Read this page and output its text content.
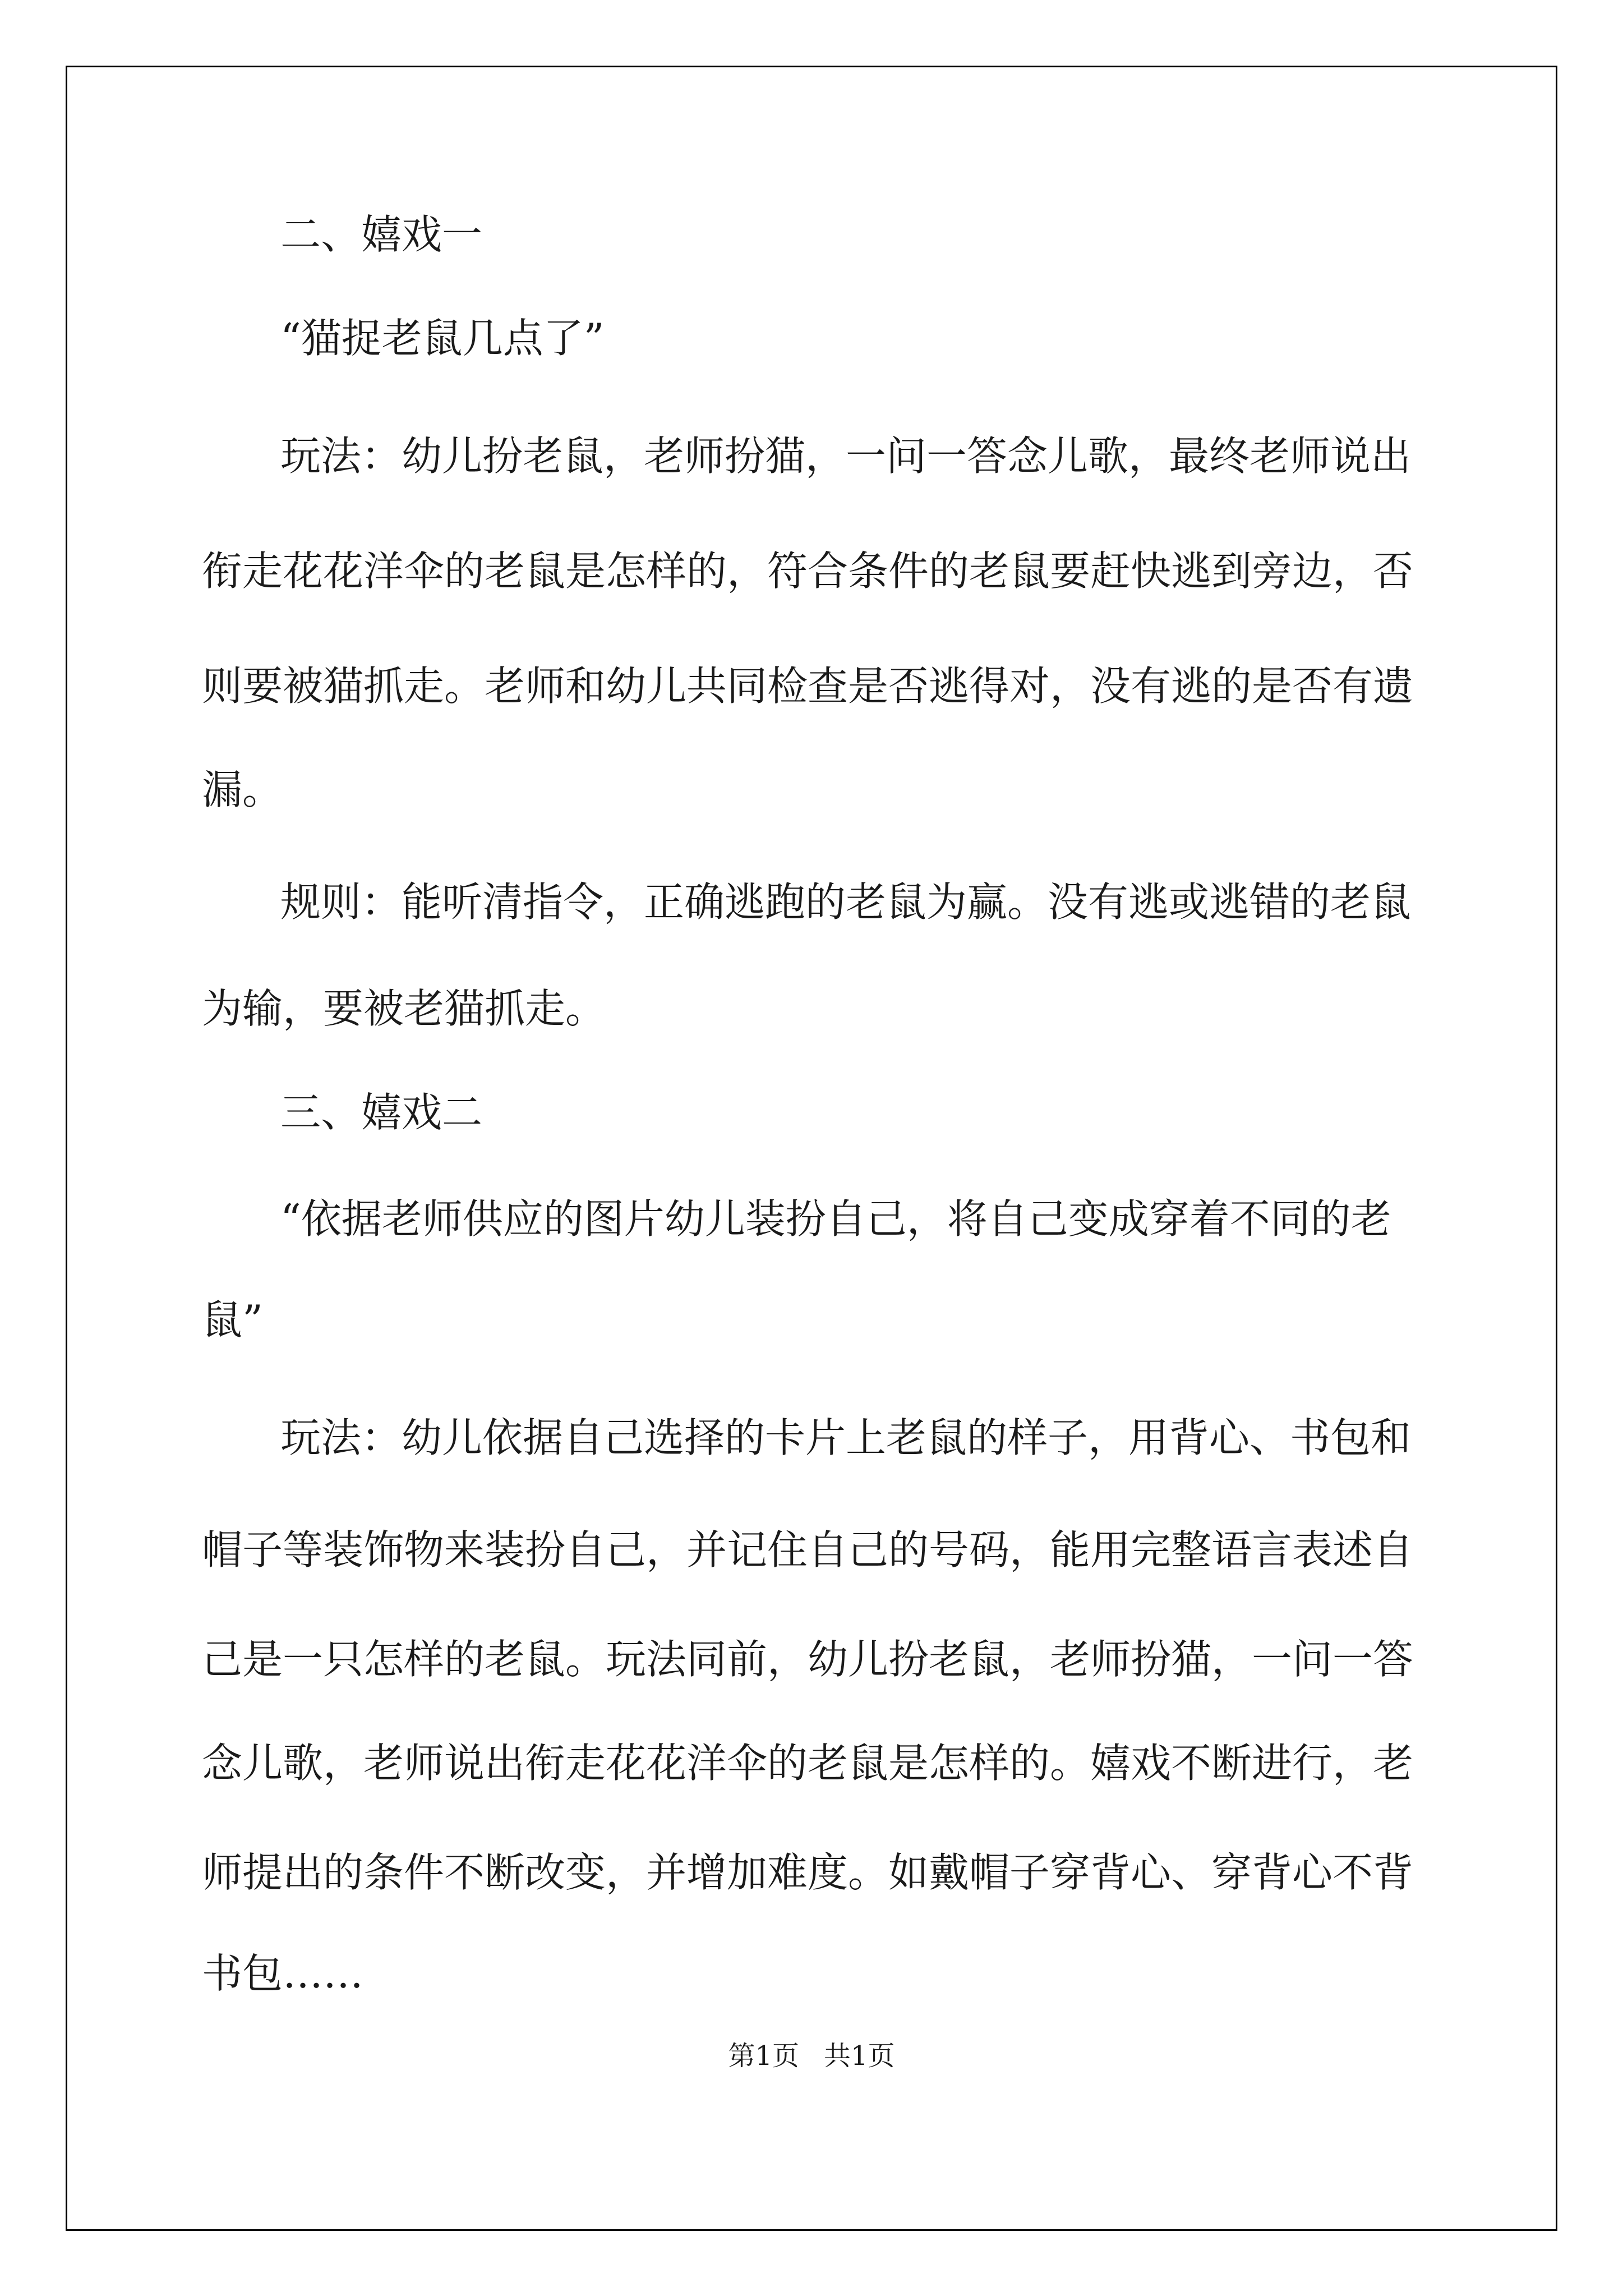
二、嬉戏一

“猫捉老鼠几点了”

玩法：幼儿扮老鼠，老师扮猫，一问一答念儿歌，最终老师说出

衔走花花洋伞的老鼠是怎样的，符合条件的老鼠要赶快逃到旁边，否

则要被猫抓走。老师和幼儿共同检查是否逃得对，没有逃的是否有遗

漏。

规则：能听清指令，正确逃跑的老鼠为赢。没有逃或逃错的老鼠

为输，要被老猫抓走。

三、嬉戏二

“依据老师供应的图片幼儿装扮自己，将自己变成穿着不同的老

鼠”

玩法：幼儿依据自己选择的卡片上老鼠的样子，用背心、书包和

帽子等装饰物来装扮自己，并记住自己的号码，能用完整语言表述自

己是一只怎样的老鼠。玩法同前，幼儿扮老鼠，老师扮猫，一问一答

念儿歌，老师说出衔走花花洋伞的老鼠是怎样的。嬉戏不断进行，老

师提出的条件不断改变，并增加难度。如戴帽子穿背心、穿背心不背

书包……

第1页 共1页
